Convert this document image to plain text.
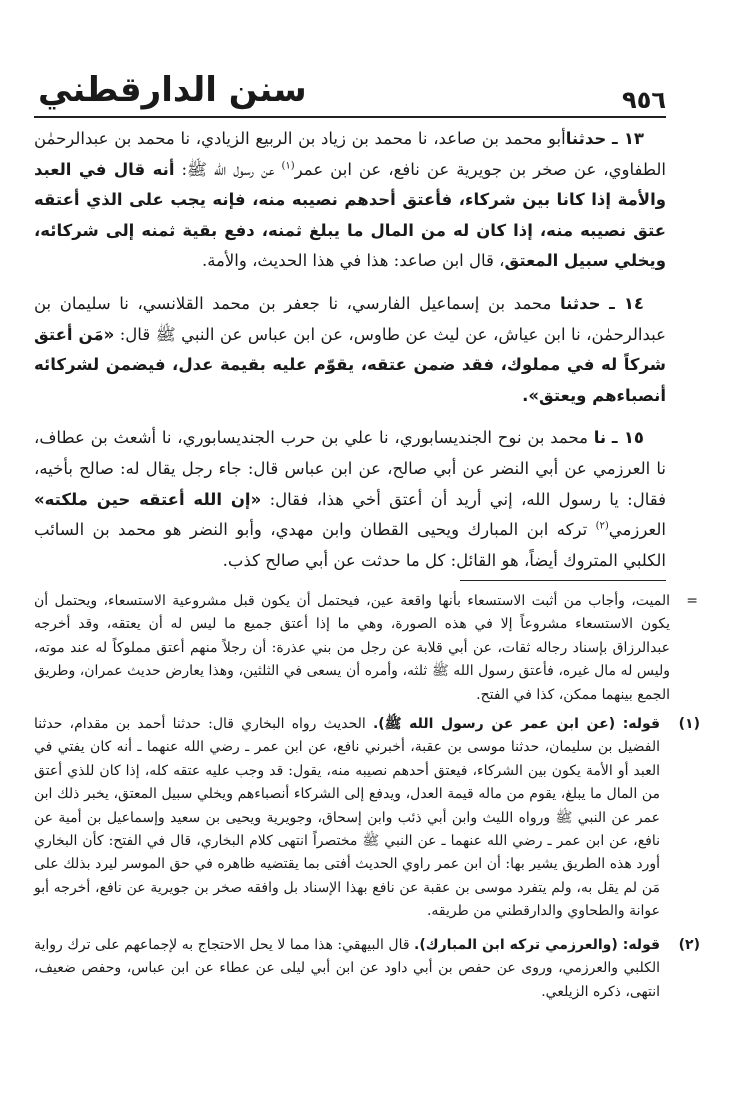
سنن الدارقطني	٩٥٦

١٣ ـ حدثناأبو محمد بن صاعد، نا محمد بن زياد بن الربيع الزيادي، نا محمد بن عبدالرحمٰن الطفاوي، عن صخر بن جويرية عن نافع، عن ابن عمر$^{(١)}$ عن رسول الله ﷺ: أنه قال في العبد والأمة إذا كانا بين شركاء، فأعتق أحدهم نصيبه منه، فإنه يجب على الذي أعتقه عتق نصيبه منه، إذا كان له من المال ما يبلغ ثمنه، دفع بقية ثمنه إلى شركائه، ويخلي سبيل المعتق، قال ابن صاعد: هذا في هذا الحديث، والأمة.

١٤ ـ حدثنا محمد بن إسماعيل الفارسي، نا جعفر بن محمد القلانسي، نا سليمان بن عبدالرحمٰن، نا ابن عياش، عن ليث عن طاوس، عن ابن عباس عن النبي ﷺ قال: «مَن أعتق شركاً له في مملوك، فقد ضمن عتقه، يقوّم عليه بقيمة عدل، فيضمن لشركائه أنصباءهم ويعتق».

١٥ ـ نا محمد بن نوح الجنديسابوري، نا علي بن حرب الجنديسابوري، نا أشعث بن عطاف، نا العرزمي عن أبي النضر عن أبي صالح، عن ابن عباس قال: جاء رجل يقال له: صالح بأخيه، فقال: يا رسول الله، إني أريد أن أعتق أخي هذا، فقال: «إن الله أعتقه حين ملكته» العرزمي$^{(٢)}$ تركه ابن المبارك ويحيى القطان وابن مهدي، وأبو النضر هو محمد بن السائب الكلبي المتروك أيضاً، هو القائل: كل ما حدثت عن أبي صالح كذب.

=
الميت، وأجاب من أثبت الاستسعاء بأنها واقعة عين، فيحتمل أن يكون قبل مشروعية الاستسعاء، ويحتمل أن يكون الاستسعاء مشروعاً إلا في هذه الصورة، وهي ما إذا أعتق جميع ما ليس له أن يعتقه، وقد أخرجه عبدالرزاق بإسناد رجاله ثقات، عن أبي قلابة عن رجل من بني عذرة: أن رجلاً منهم أعتق مملوكاً له عند موته، وليس له مال غيره، فأعتق رسول الله ﷺ ثلثه، وأمره أن يسعى في الثلثين، وهذا يعارض حديث عمران، وطريق الجمع بينهما ممكن، كذا في الفتح.

(١)
قوله: (عن ابن عمر عن رسول الله ﷺ). الحديث رواه البخاري قال: حدثنا أحمد بن مقدام، حدثنا الفضيل بن سليمان، حدثنا موسى بن عقبة، أخبرني نافع، عن ابن عمر ـ رضي الله عنهما ـ أنه كان يفتي في العبد أو الأمة يكون بين الشركاء، فيعتق أحدهم نصيبه منه، يقول: قد وجب عليه عتقه كله، إذا كان للذي أعتق من المال ما يبلغ، يقوم من ماله قيمة العدل، ويدفع إلى الشركاء أنصباءهم ويخلي سبيل المعتق، يخبر ذلك ابن عمر عن النبي ﷺ ورواه الليث وابن أبي ذئب وابن إسحاق، وجويرية ويحيى بن سعيد وإسماعيل بن أمية عن نافع، عن ابن عمر ـ رضي الله عنهما ـ عن النبي ﷺ مختصراً انتهى كلام البخاري، قال في الفتح: كأن البخاري أورد هذه الطريق يشير بها: أن ابن عمر راوي الحديث أفتى بما يقتضيه ظاهره في حق الموسر ليرد بذلك على مَن لم يقل به، ولم يتفرد موسى بن عقبة عن نافع بهذا الإسناد بل وافقه صخر بن جويرية عن نافع، أخرجه أبو عوانة والطحاوي والدارقطني من طريقه.

(٢)
قوله: (والعرزمي تركه ابن المبارك). قال البيهقي: هذا مما لا يحل الاحتجاج به لإجماعهم على ترك رواية الكلبي والعرزمي، وروى عن حفص بن أبي داود عن ابن أبي ليلى عن عطاء عن ابن عباس، وحفص ضعيف، انتهى، ذكره الزيلعي.
